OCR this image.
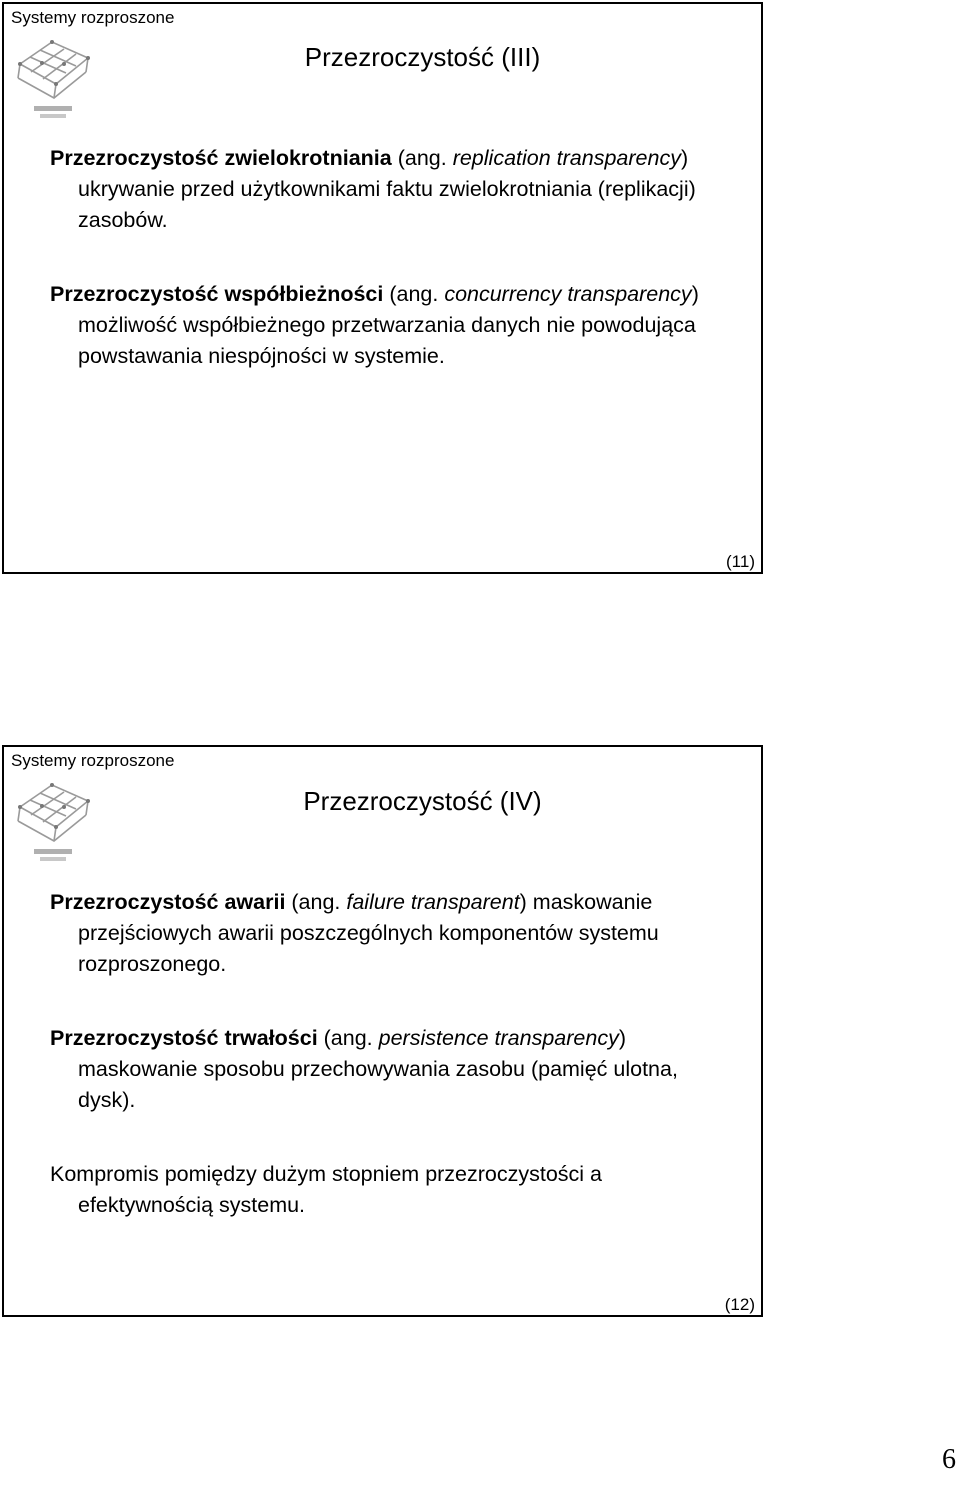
Systemy rozproszone
Przezroczystość (III)

Przezroczystość zwielokrotniania (ang. replication transparency) ukrywanie przed użytkownikami faktu zwielokrotniania (replikacji) zasobów.

Przezroczystość współbieżności (ang. concurrency transparency) możliwość współbieżnego przetwarzania danych nie powodująca powstawania niespójności w systemie.

(11)
Systemy rozproszone
Przezroczystość (IV)

Przezroczystość awarii (ang. failure transparent) maskowanie przejściowych awarii poszczególnych komponentów systemu rozproszonego.

Przezroczystość trwałości (ang. persistence transparency) maskowanie sposobu przechowywania zasobu (pamięć ulotna, dysk).

Kompromis pomiędzy dużym stopniem przezroczystości a efektywnością systemu.

(12)
6
